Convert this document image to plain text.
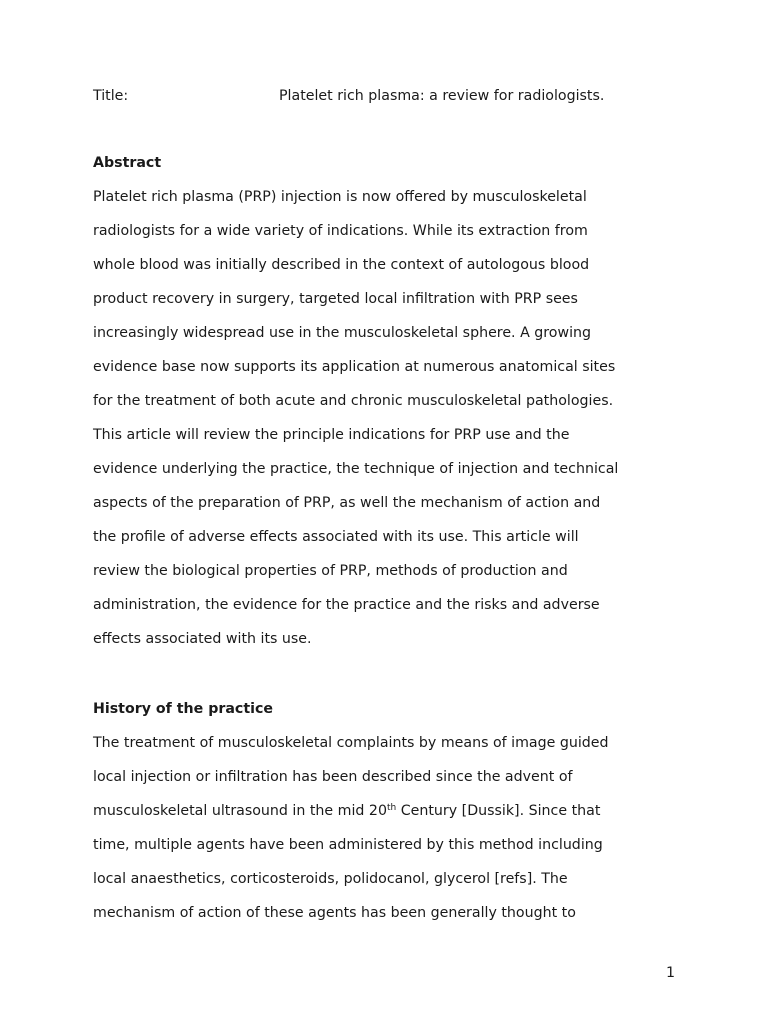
Title:	Platelet rich plasma: a review for radiologists.
Abstract
Platelet rich plasma (PRP) injection is now offered by musculoskeletal
radiologists for a wide variety of indications. While its extraction from
whole blood was initially described in the context of autologous blood
product recovery in surgery, targeted local infiltration with PRP sees
increasingly widespread use in the musculoskeletal sphere. A growing
evidence base now supports its application at numerous anatomical sites
for the treatment of both acute and chronic musculoskeletal pathologies.
This article will review the principle indications for PRP use and the
evidence underlying the practice, the technique of injection and technical
aspects of the preparation of PRP, as well the mechanism of action and
the profile of adverse effects associated with its use. This article will
review the biological properties of PRP, methods of production and
administration, the evidence for the practice and the risks and adverse
effects associated with its use.
History of the practice
The treatment of musculoskeletal complaints by means of image guided
local injection or infiltration has been described since the advent of
musculoskeletal ultrasound in the mid 20th Century [Dussik]. Since that
time, multiple agents have been administered by this method including
local anaesthetics, corticosteroids, polidocanol, glycerol [refs]. The
mechanism of action of these agents has been generally thought to
1
